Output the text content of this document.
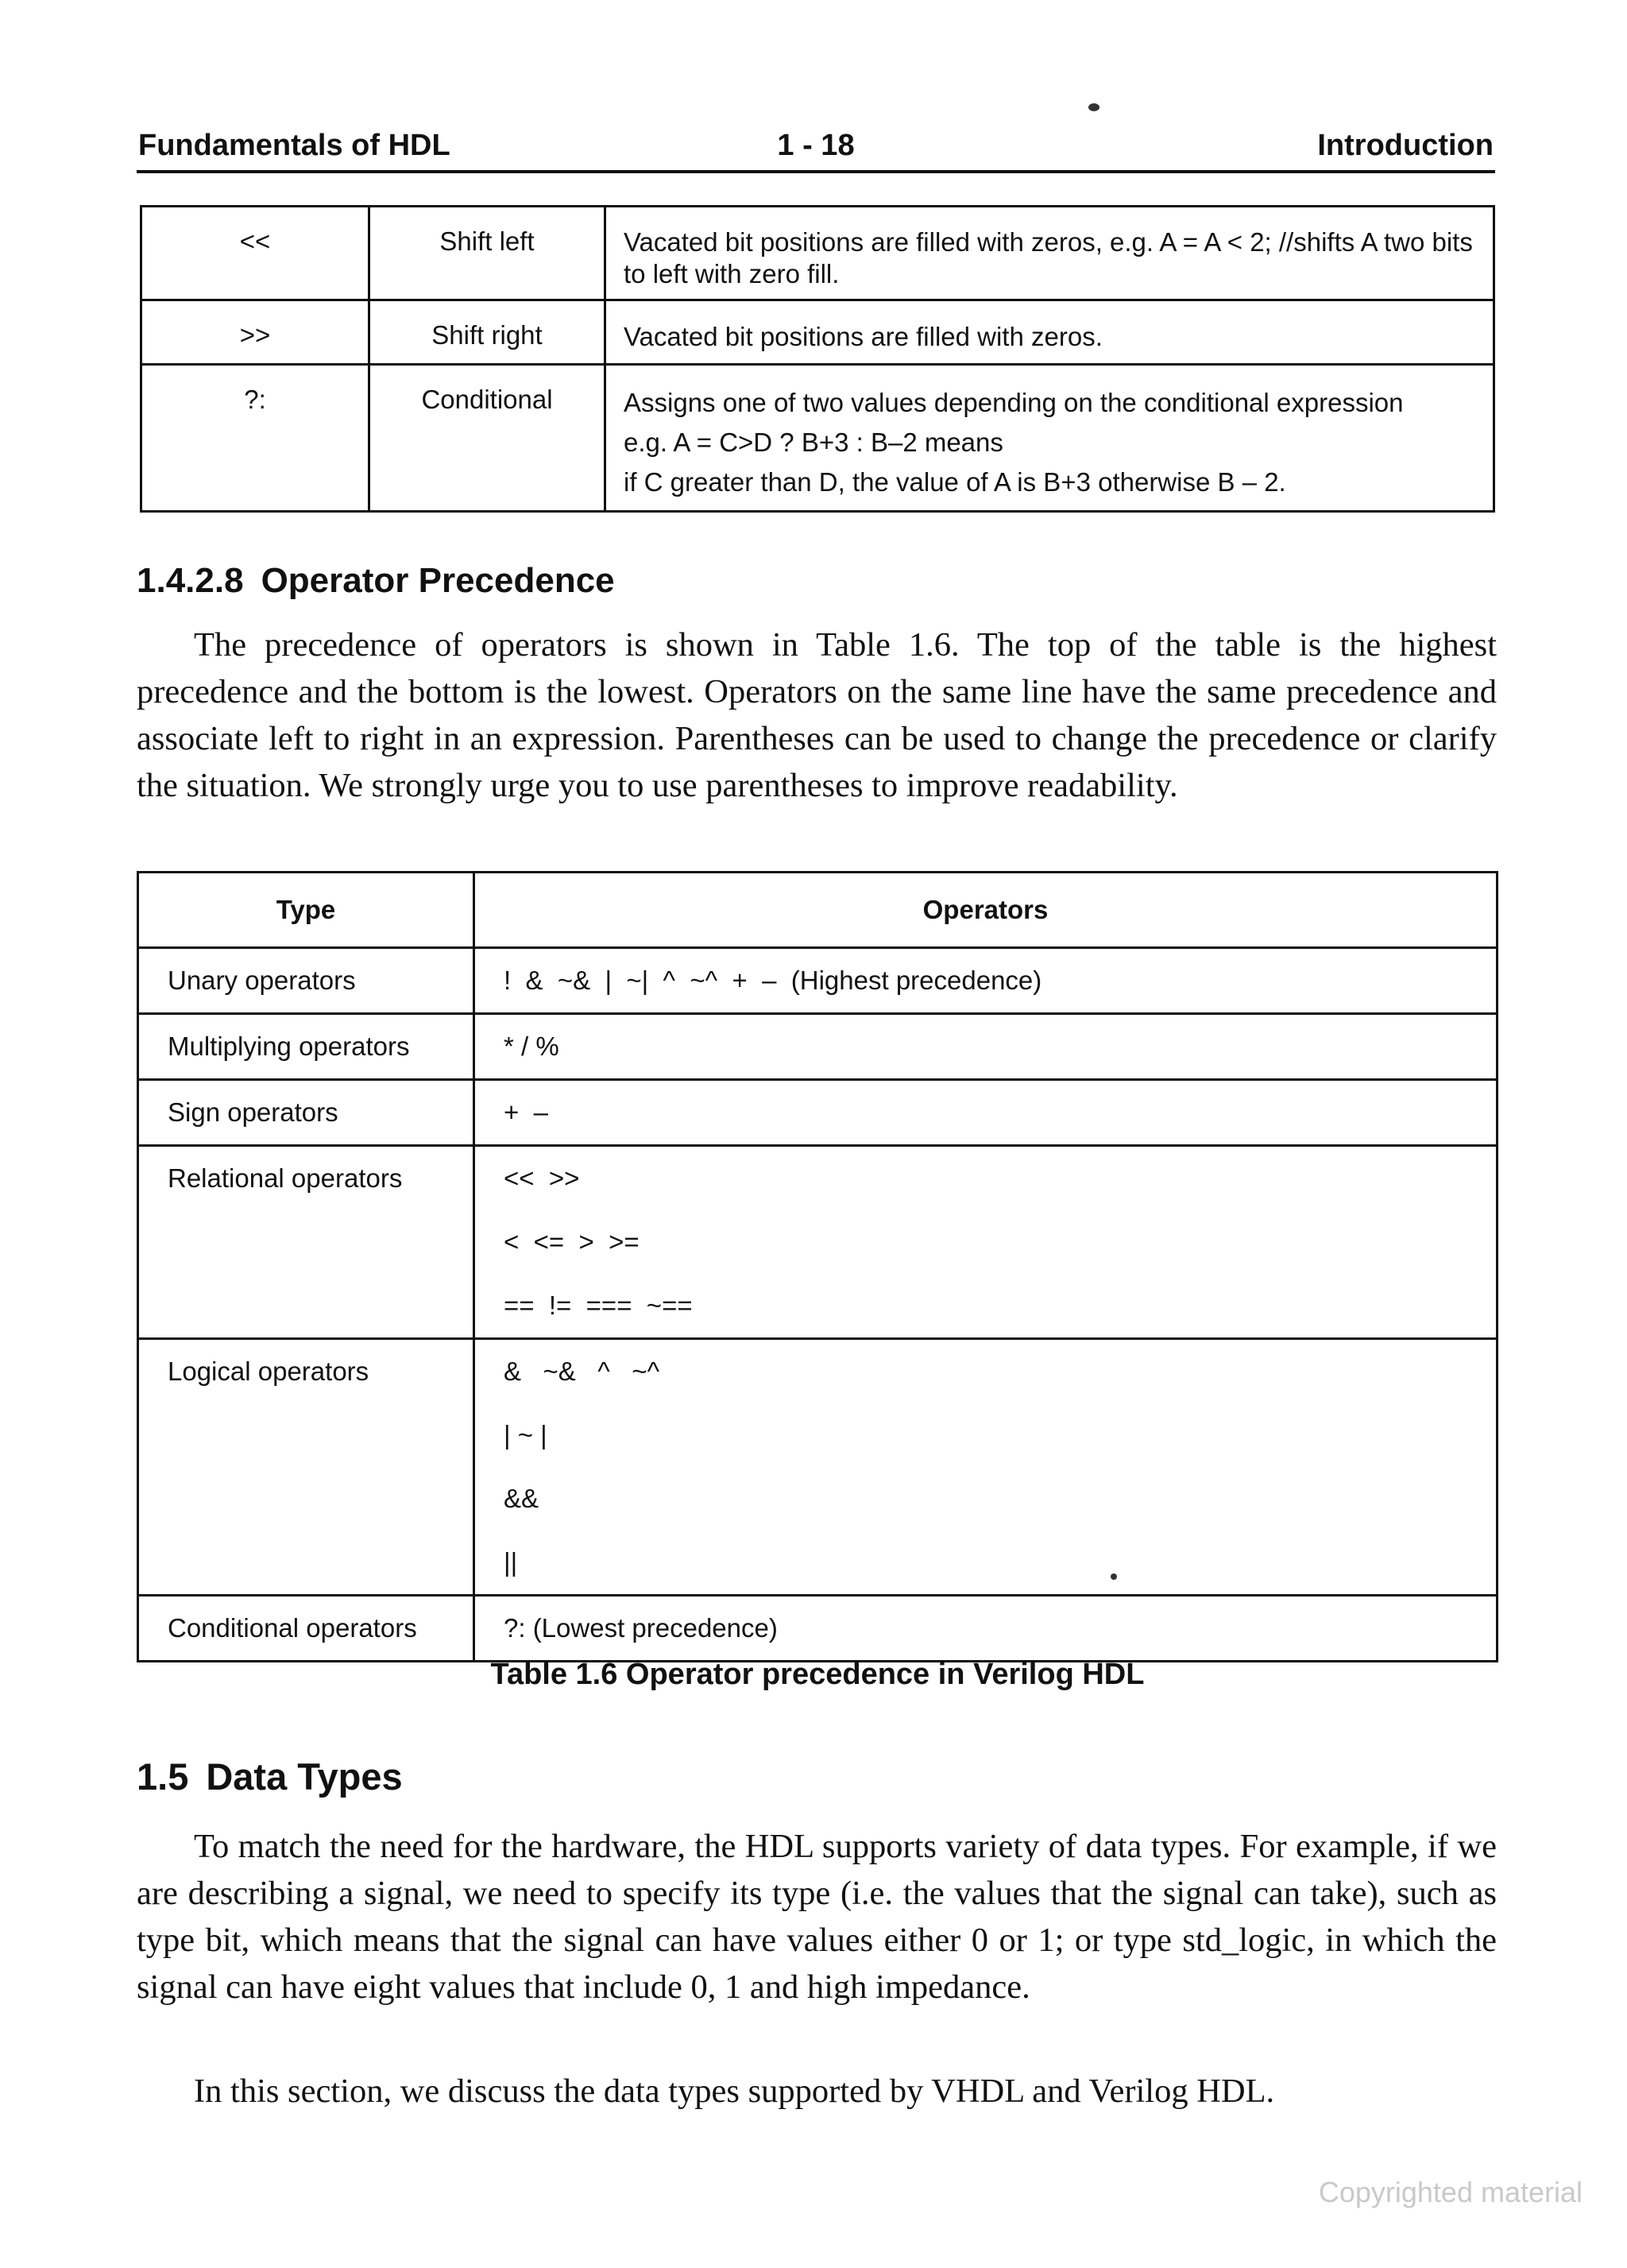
Fundamentals of HDL	1 - 18	Introduction
<<	Shift left	Vacated bit positions are filled with zeros, e.g. A = A < 2; //shifts A two bits to left with zero fill.
>>	Shift right	Vacated bit positions are filled with zeros.
?:	Conditional	Assigns one of two values depending on the conditional expression
e.g. A = C>D ? B+3 : B–2 means
if C greater than D, the value of A is B+3 otherwise B – 2.
1.4.2.8 Operator Precedence

The precedence of operators is shown in Table 1.6. The top of the table is the highest precedence and the bottom is the lowest. Operators on the same line have the same precedence and associate left to right in an expression. Parentheses can be used to change the precedence or clarify the situation. We strongly urge you to use parentheses to improve readability.

Type	Operators

Unary operators	!  &  ~&  |  ~|  ^  ~^  +  –  (Highest precedence)

Multiplying operators	* / %

Sign operators	+  –

Relational operators	<<  >>
<  <=  >  >=
==  !=  ===  ~==

Logical operators	&   ~&   ^   ~^
| ~ |
&&
||

Conditional operators	?: (Lowest precedence)
Table 1.6 Operator precedence in Verilog HDL
1.5 Data Types

To match the need for the hardware, the HDL supports variety of data types. For example, if we are describing a signal, we need to specify its type (i.e. the values that the signal can take), such as type bit, which means that the signal can have values either 0 or 1; or type std_logic, in which the signal can have eight values that include 0, 1 and high impedance.

In this section, we discuss the data types supported by VHDL and Verilog HDL.

Copyrighted material
